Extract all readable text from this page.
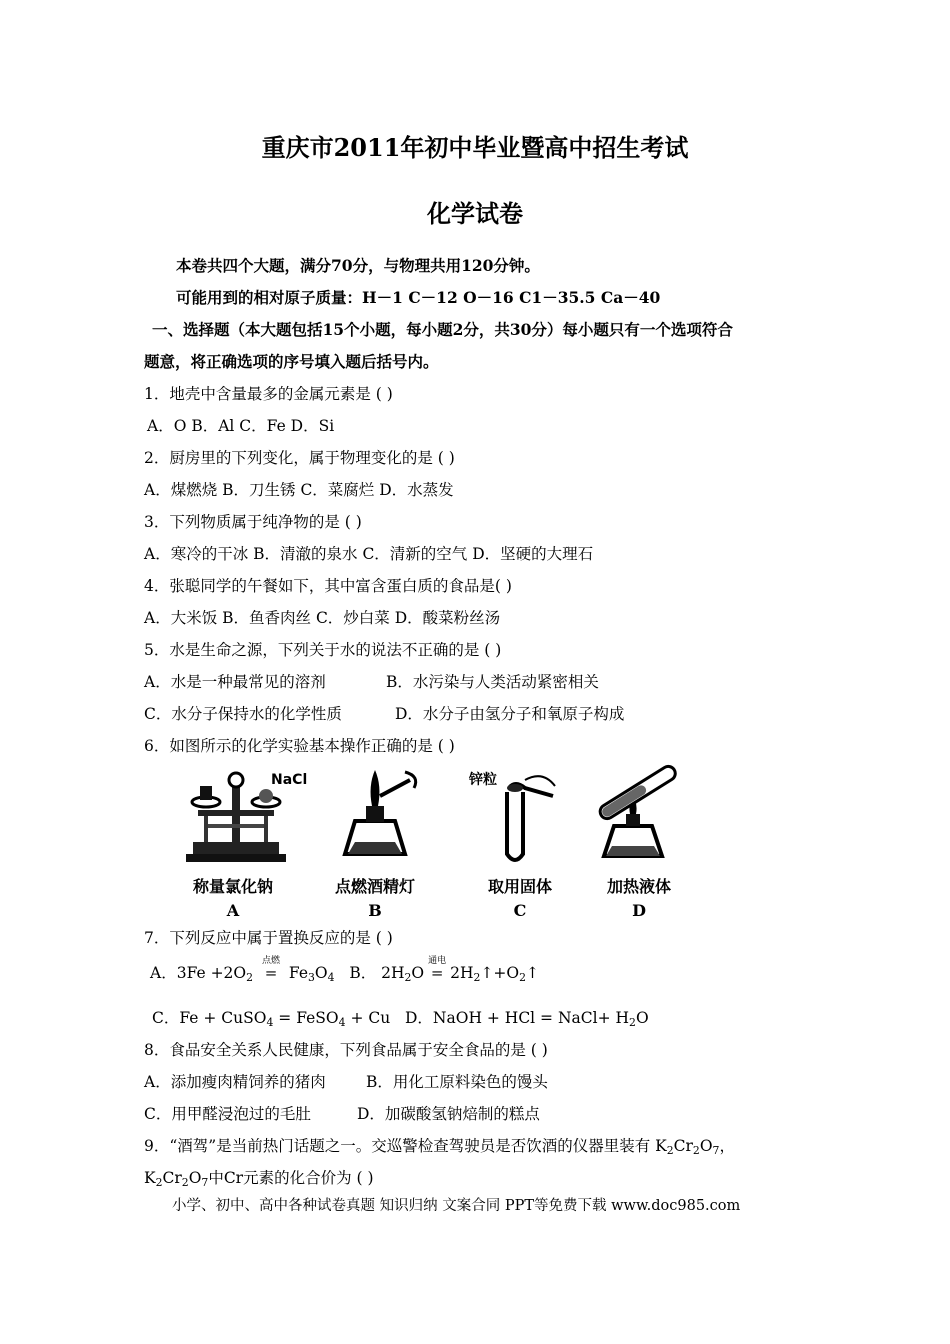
重庆市2011年初中毕业暨高中招生考试
化学试卷
本卷共四个大题，满分70分，与物理共用120分钟。
可能用到的相对原子质量：H－1 C－12 O－16 C1－35.5 Ca－40
一、选择题（本大题包括15个小题，每小题2分，共30分）每小题只有一个选项符合
题意，将正确选项的序号填入题后括号内。
1．地壳中含量最多的金属元素是 ( )
A．O B．Al C．Fe D．Si
2．厨房里的下列变化，属于物理变化的是 ( )
A．煤燃烧 B．刀生锈 C．菜腐烂 D．水蒸发
3．下列物质属于纯净物的是 ( )
A．寒冷的干冰 B．清澈的泉水 C．清新的空气 D．坚硬的大理石
4．张聪同学的午餐如下，其中富含蛋白质的食品是( )
A．大米饭 B．鱼香肉丝 C．炒白菜 D．酸菜粉丝汤
5．水是生命之源，下列关于水的说法不正确的是 ( )
A．水是一种最常见的溶剂	B．水污染与人类活动紧密相关
C．水分子保持水的化学性质	D．水分子由氢分子和氧原子构成
6．如图所示的化学实验基本操作正确的是 ( )
NaCl
称量氯化钠
A
点燃酒精灯
B
锌粒
取用固体
C
加热液体
D
7．下列反应中属于置换反应的是 ( )
A．$3Fe +2O_2$
点燃
= $Fe_3O_4$ B． $2H_2O$
通电
= $2H_2↑+O_2↑$
C．Fe + CuSO$_4$ = FeSO$_4$ + Cu   D．NaOH + HCl = NaCl+ $H_2O$
8．食品安全关系人民健康，下列食品属于安全食品的是 ( )
A．添加瘦肉精饲养的猪肉	B．用化工原料染色的馒头
C．用甲醛浸泡过的毛肚	D．加碳酸氢钠焙制的糕点
9．“酒驾”是当前热门话题之一。交巡警检查驾驶员是否饮酒的仪器里装有 $K_2Cr_2O_7$，
$K_2Cr_2O_7$中Cr元素的化合价为 ( )
小学、初中、高中各种试卷真题 知识归纳 文案合同 PPT等免费下载 www.doc985.com
